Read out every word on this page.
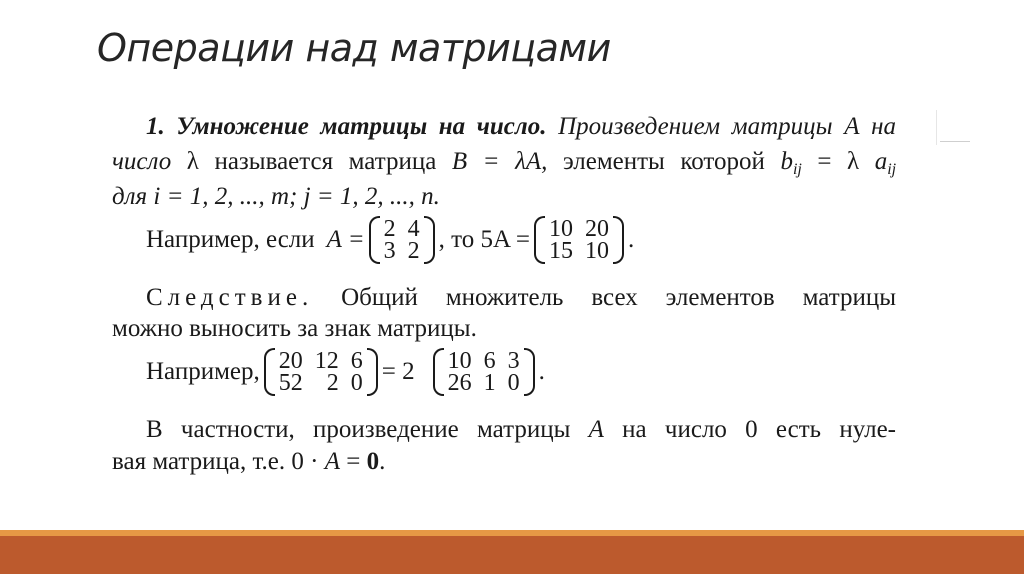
Операции над матрицами
1. Умножение матрицы на число. Произведением матрицы A на
число λ называется матрица B = λA, элементы которой $b_{ij} = \lambda$ $a_{ij}$
для i = 1, 2, ..., m; j = 1, 2, ..., n.
Например, если A = 2 4
3 2 , то 5A = 10 20
15 10 .
Следствие. Общий множитель всех элементов матрицы
можно выносить за знак матрицы.
Например, 20 12 6
52	2 0 = 2 10 6 3
26 1 0 .
В частности, произведение матрицы A на число 0 есть нуле-
вая матрица, т.е. 0 · A = 0.
